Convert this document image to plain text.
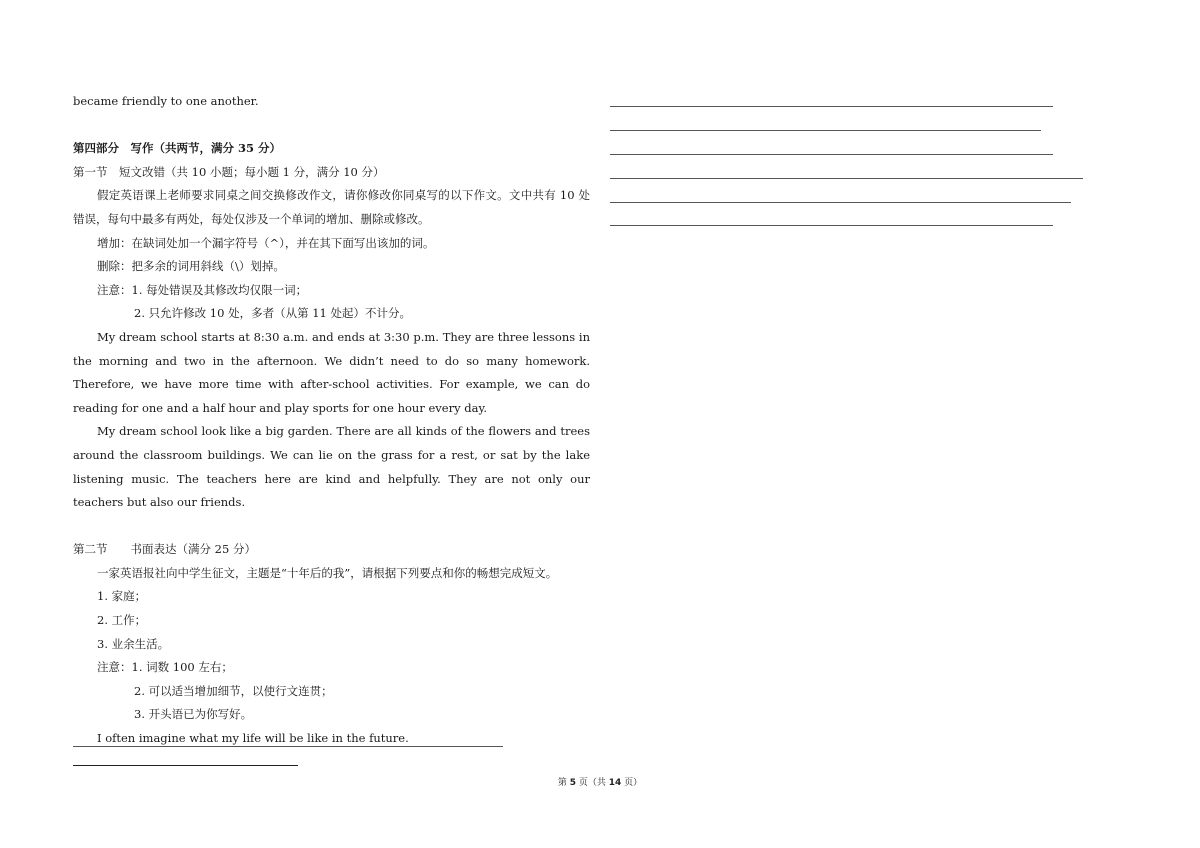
became friendly to one another.

第四部分　写作（共两节，满分 35 分）

第一节　短文改错（共 10 小题；每小题 1 分，满分 10 分）

假定英语课上老师要求同桌之间交换修改作文，请你修改你同桌写的以下作文。文中共有 10 处错误，每句中最多有两处，每处仅涉及一个单词的增加、删除或修改。

增加：在缺词处加一个漏字符号（^），并在其下面写出该加的词。

删除：把多余的词用斜线（\）划掉。

注意：1. 每处错误及其修改均仅限一词；

2. 只允许修改 10 处，多者（从第 11 处起）不计分。

My dream school starts at 8:30 a.m. and ends at 3:30 p.m. They are three lessons in the morning and two in the afternoon. We didn’t need to do so many homework. Therefore, we have more time with after-school activities. For example, we can do reading for one and a half hour and play sports for one hour every day.

My dream school look like a big garden. There are all kinds of the flowers and trees around the classroom buildings. We can lie on the grass for a rest, or sat by the lake listening music. The teachers here are kind and helpfully. They are not only our teachers but also our friends.

第二节　　书面表达（满分 25 分）

一家英语报社向中学生征文，主题是“十年后的我”，请根据下列要点和你的畅想完成短文。

1. 家庭；

2. 工作；

3. 业余生活。

注意：1. 词数 100 左右；

2. 可以适当增加细节，以使行文连贯；

3. 开头语已为你写好。

I often imagine what my life will be like in the future.

第 5 页（共 14 页）
